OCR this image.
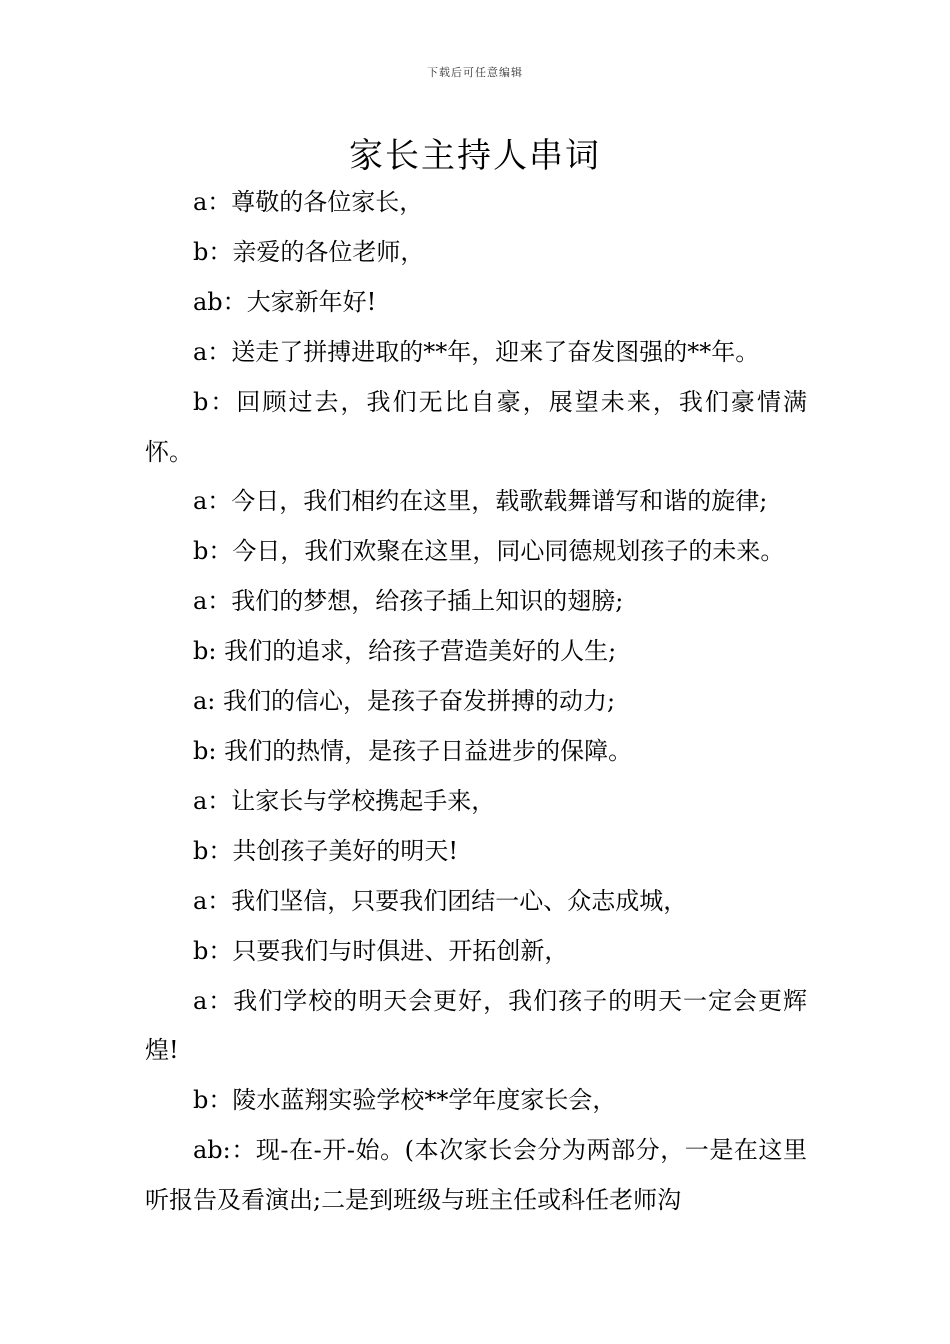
下载后可任意编辑
家长主持人串词

a：尊敬的各位家长，

b：亲爱的各位老师，

ab：大家新年好!

a：送走了拼搏进取的**年，迎来了奋发图强的**年。

b：回顾过去，我们无比自豪，展望未来，我们豪情满怀。

a：今日，我们相约在这里，载歌载舞谱写和谐的旋律;

b：今日，我们欢聚在这里，同心同德规划孩子的未来。

a：我们的梦想，给孩子插上知识的翅膀;

b: 我们的追求，给孩子营造美好的人生;

a: 我们的信心，是孩子奋发拼搏的动力;

b: 我们的热情，是孩子日益进步的保障。

a：让家长与学校携起手来，

b：共创孩子美好的明天!

a：我们坚信，只要我们团结一心、众志成城，

b：只要我们与时俱进、开拓创新，

a：我们学校的明天会更好，我们孩子的明天一定会更辉煌!

b：陵水蓝翔实验学校**学年度家长会，

ab:：现-在-开-始。(本次家长会分为两部分，一是在这里听报告及看演出;二是到班级与班主任或科任老师沟
